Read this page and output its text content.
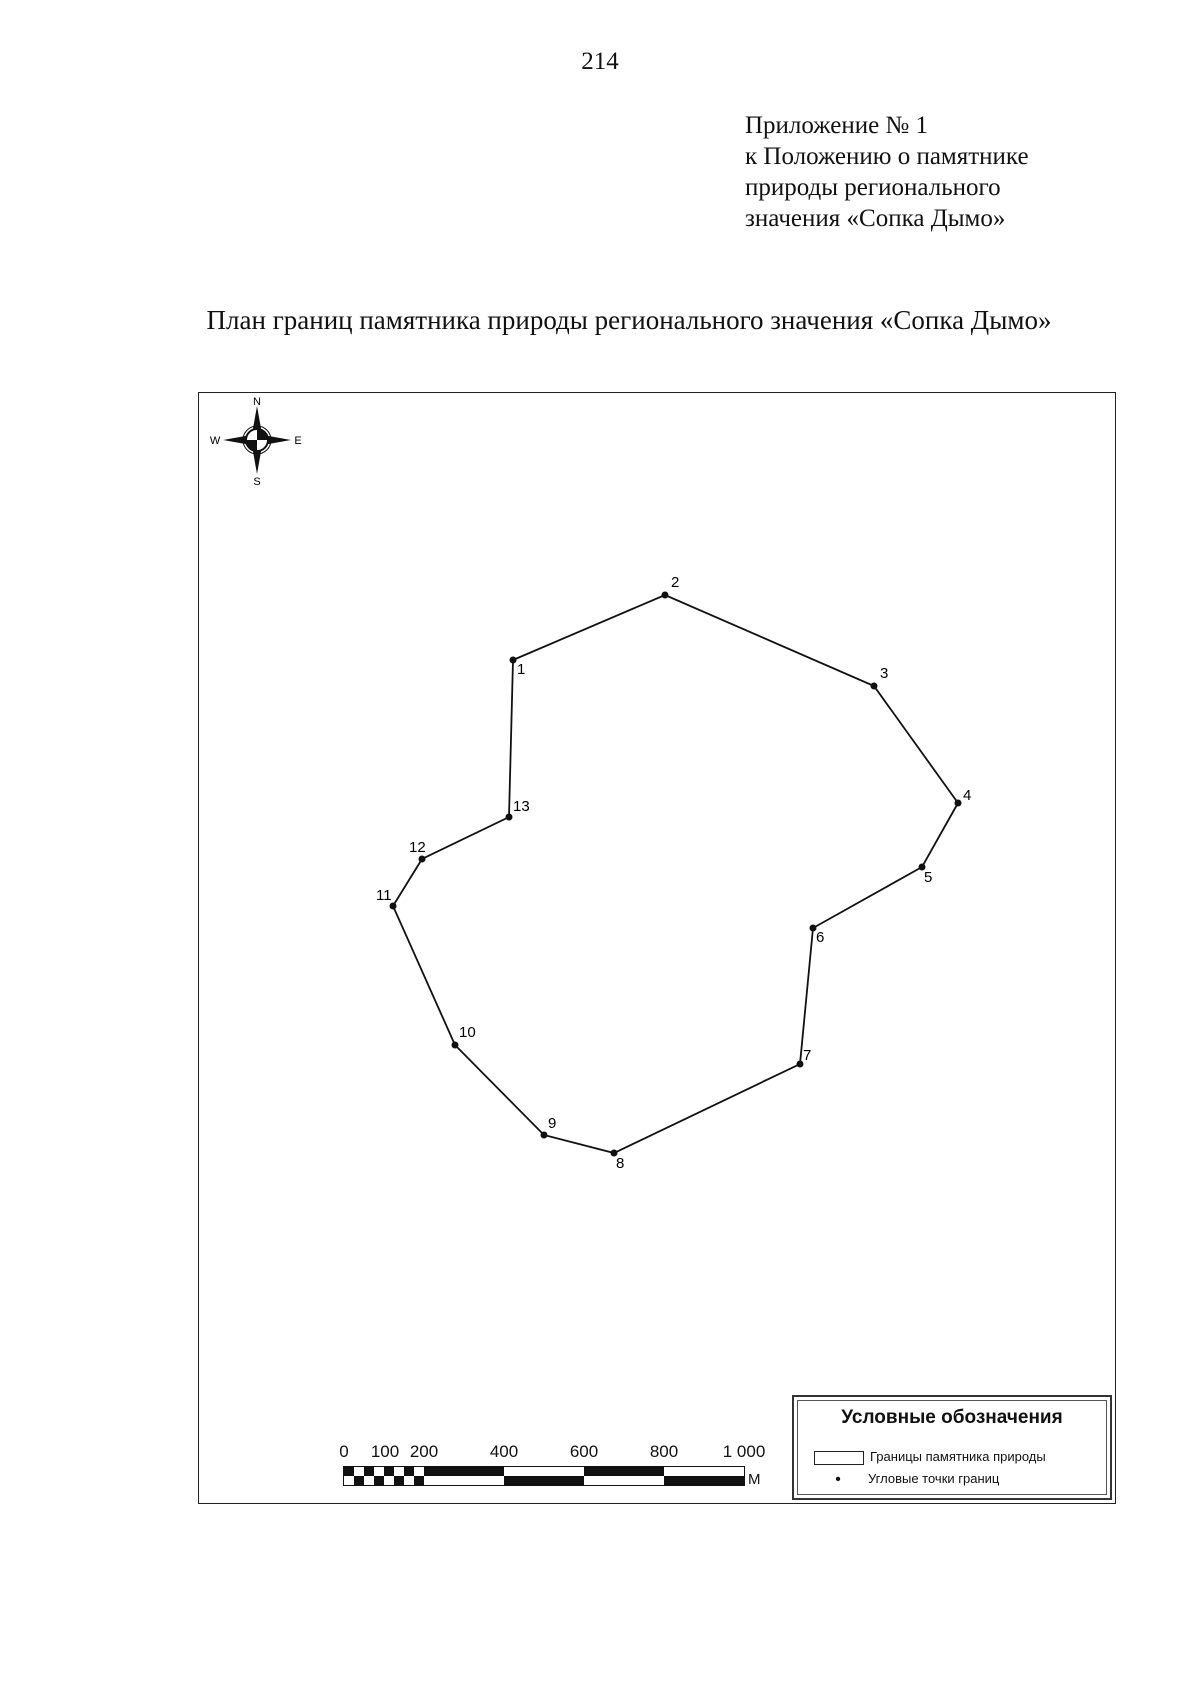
214
Приложение № 1
к Положению о памятнике
природы регионального
значения «Сопка Дымо»
План границ памятника природы регионального значения «Сопка Дымо»
N
S
W	E
1
2
3
4
5
6
7
8
9
10
11
12
13
0 100 200	400	600	800	1 000
М
Условные обозначения
Границы памятника природы
• Угловые точки границ
